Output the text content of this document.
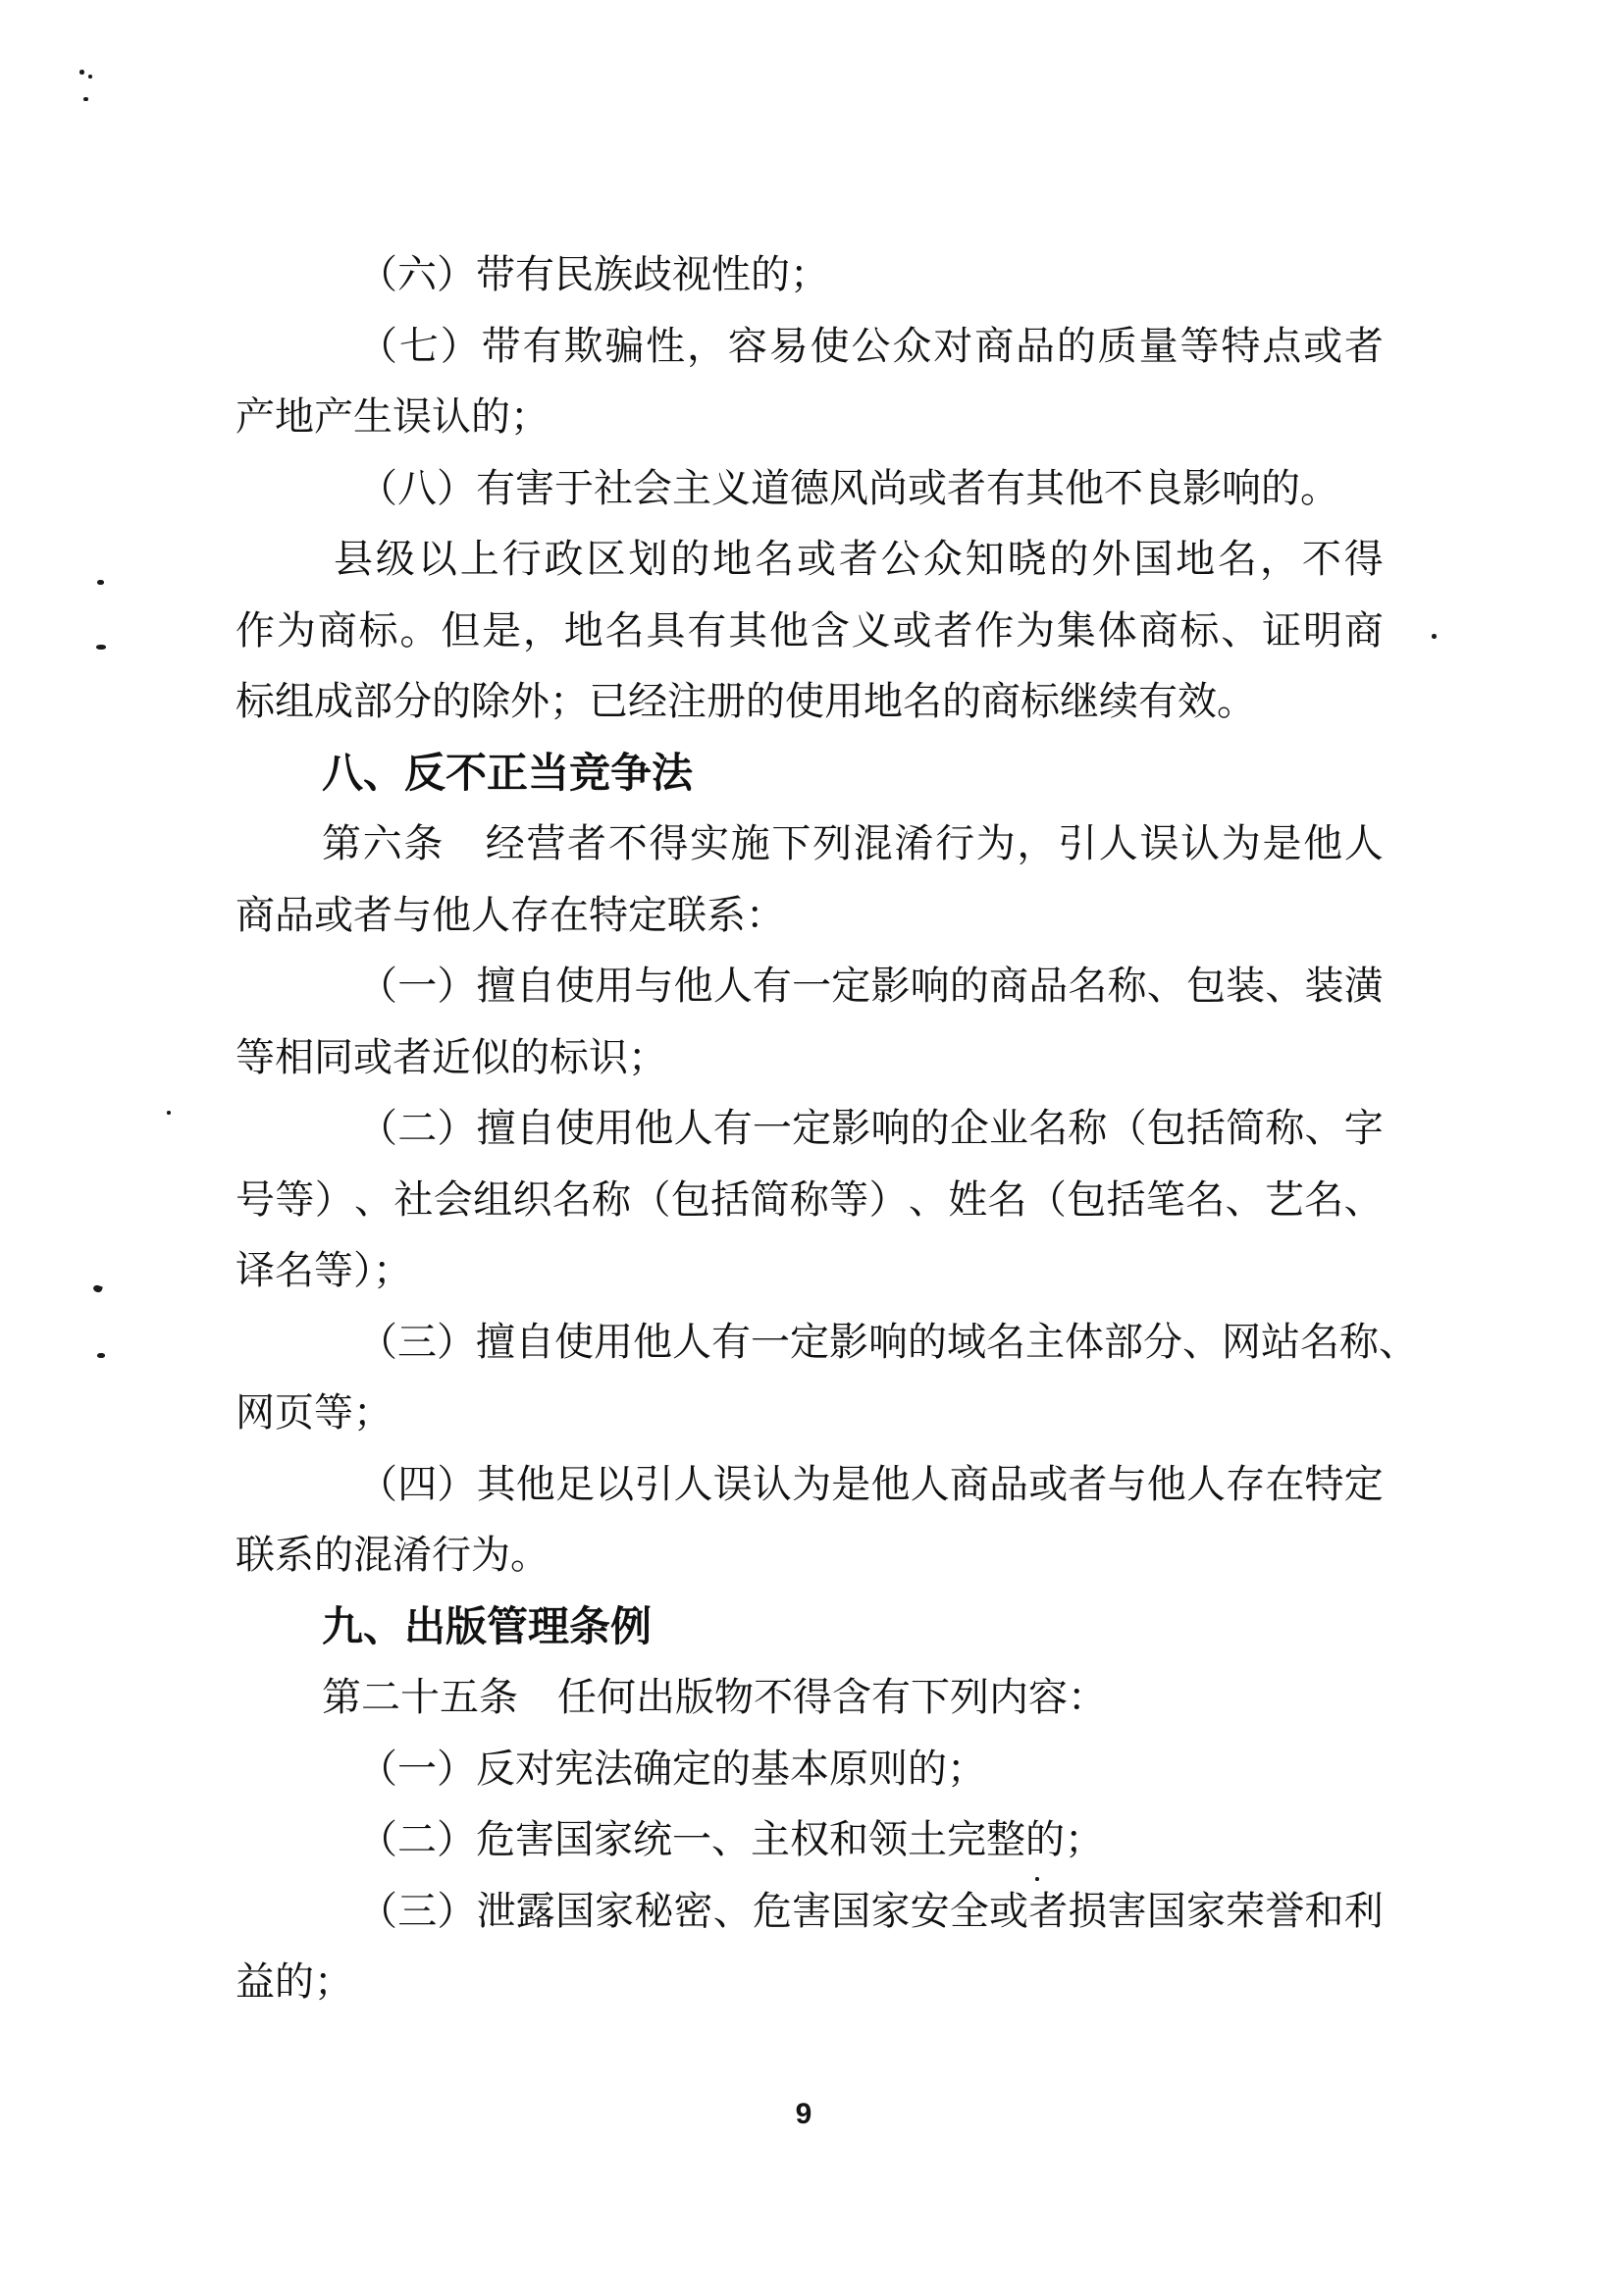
（六）带有民族歧视性的；
（ 七 ） 带 有 欺 骗 性 ， 容 易 使 公 众 对 商 品 的 质 量 等 特 点 或 者
产地产生误认的；
（八）有害于社会主义道德风尚或者有其他不良影响的。
县 级 以 上 行 政 区 划 的 地 名 或 者 公 众 知 晓 的 外 国 地 名 ， 不 得
作 为 商 标 。 但 是 ， 地 名 具 有 其 他 含 义 或 者 作 为 集 体 商 标 、 证 明 商
标组成部分的除外；已经注册的使用地名的商标继续有效。
八、反不正当竞争法
第 六 条
　 经 营 者 不 得 实 施 下 列 混 淆 行 为 ， 引 人 误 认 为 是 他 人
商品或者与他人存在特定联系：
（ 一 ） 擅 自 使 用 与 他 人 有 一 定 影 响 的 商 品 名 称 、 包 装 、 装 潢
等相同或者近似的标识；
（ 二 ） 擅 自 使 用 他 人 有 一 定 影 响 的 企 业 名 称 （ 包 括 简 称 、 字
号 等 ） 、 社 会 组 织 名 称 （ 包 括 简 称 等 ） 、 姓 名 （ 包 括 笔 名 、 艺 名 、
译名等）；
（ 三 ） 擅 自 使 用 他 人 有 一 定 影 响 的 域 名 主 体 部 分 、 网 站 名 称 、
网页等；
（ 四 ） 其 他 足 以 引 人 误 认 为 是 他 人 商 品 或 者 与 他 人 存 在 特 定
联系的混淆行为。
九、出版管理条例
第二十五条　任何出版物不得含有下列内容：
（一）反对宪法确定的基本原则的；
（二）危害国家统一、主权和领土完整的；
（ 三 ） 泄 露 国 家 秘 密 、 危 害 国 家 安 全 或 者 损 害 国 家 荣 誉 和 利
益的；
9
